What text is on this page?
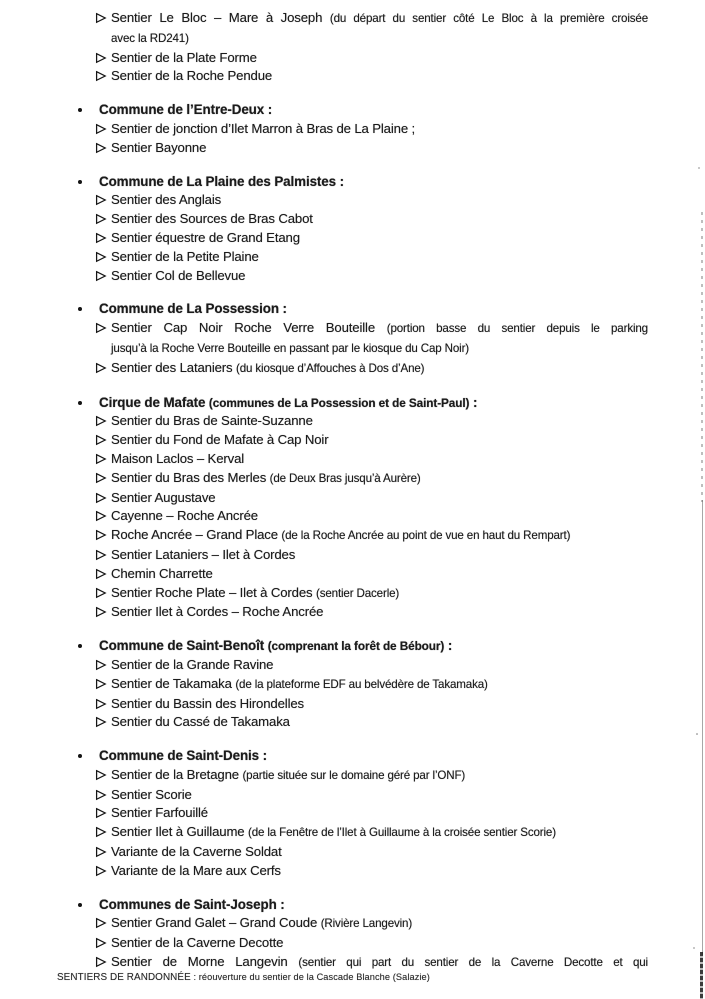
Sentier Le Bloc – Mare à Joseph (du départ du sentier côté Le Bloc à la première croisée
avec la RD241)
Sentier de la Plate Forme
Sentier de la Roche Pendue
Commune de l’Entre-Deux :
Sentier de jonction d’Ilet Marron à Bras de La Plaine ;
Sentier Bayonne
Commune de La Plaine des Palmistes :
Sentier des Anglais
Sentier des Sources de Bras Cabot
Sentier équestre de Grand Etang
Sentier de la Petite Plaine
Sentier Col de Bellevue
Commune de La Possession :
Sentier Cap Noir Roche Verre Bouteille (portion basse du sentier depuis le parking
jusqu’à la Roche Verre Bouteille en passant par le kiosque du Cap Noir)
Sentier des Lataniers (du kiosque d’Affouches à Dos d’Ane)
Cirque de Mafate (communes de La Possession et de Saint-Paul) :
Sentier du Bras de Sainte-Suzanne
Sentier du Fond de Mafate à Cap Noir
Maison Laclos – Kerval
Sentier du Bras des Merles (de Deux Bras jusqu’à Aurère)
Sentier Augustave
Cayenne – Roche Ancrée
Roche Ancrée – Grand Place (de la Roche Ancrée au point de vue en haut du Rempart)
Sentier Lataniers – Ilet à Cordes
Chemin Charrette
Sentier Roche Plate – Ilet à Cordes (sentier Dacerle)
Sentier Ilet à Cordes – Roche Ancrée
Commune de Saint-Benoît (comprenant la forêt de Bébour) :
Sentier de la Grande Ravine
Sentier de Takamaka (de la plateforme EDF au belvédère de Takamaka)
Sentier du Bassin des Hirondelles
Sentier du Cassé de Takamaka
Commune de Saint-Denis :
Sentier de la Bretagne (partie située sur le domaine géré par l’ONF)
Sentier Scorie
Sentier Farfouillé
Sentier Ilet à Guillaume (de la Fenêtre de l’Ilet à Guillaume à la croisée sentier Scorie)
Variante de la Caverne Soldat
Variante de la Mare aux Cerfs
Communes de Saint-Joseph :
Sentier Grand Galet – Grand Coude (Rivière Langevin)
Sentier de la Caverne Decotte
Sentier de Morne Langevin (sentier qui part du sentier de la Caverne Decotte et qui
SENTIERS DE RANDONNÉE : réouverture du sentier de la Cascade Blanche (Salazie)
